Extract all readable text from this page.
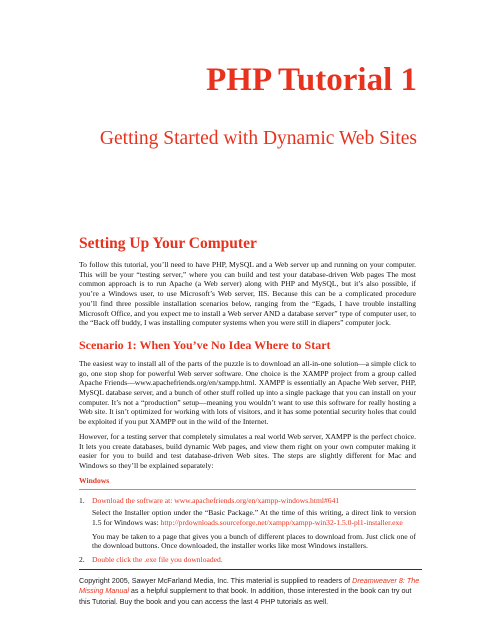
PHP Tutorial 1
Getting Started with Dynamic Web Sites
Setting Up Your Computer

To follow this tutorial, you’ll need to have PHP, MySQL and a Web server up and running on your computer. This will be your “testing server,” where you can build and test your database-driven Web pages The most common approach is to run Apache (a Web server) along with PHP and MySQL, but it’s also possible, if you’re a Windows user, to use Microsoft’s Web server, IIS. Because this can be a complicated procedure you’ll find three possible installation scenarios below, ranging from the “Egads, I have trouble installing Microsoft Office, and you expect me to install a Web server AND a database server” type of computer user, to the “Back off buddy, I was installing computer systems when you were still in diapers” computer jock.

Scenario 1: When You’ve No Idea Where to Start

The easiest way to install all of the parts of the puzzle is to download an all-in-one solution—a simple click to go, one stop shop for powerful Web server software. One choice is the XAMPP project from a group called Apache Friends—www.apachefriends.org/en/xampp.html. XAMPP is essentially an Apache Web server, PHP, MySQL database server, and a bunch of other stuff rolled up into a single package that you can install on your computer. It’s not a “production” setup—meaning you wouldn’t want to use this software for really hosting a Web site. It isn’t optimized for working with lots of visitors, and it has some potential security holes that could be exploited if you put XAMPP out in the wild of the Internet.

However, for a testing server that completely simulates a real world Web server, XAMPP is the perfect choice. It lets you create databases, build dynamic Web pages, and view them right on your own computer making it easier for you to build and test database-driven Web sites. The steps are slightly different for Mac and Windows so they’ll be explained separately:

Windows
1. Download the software at: www.apachefriends.org/en/xampp-windows.html#641
Select the Installer option under the “Basic Package.” At the time of this writing, a direct link to version 1.5 for Windows was: http://prdownloads.sourceforge.net/xampp/xampp-win32-1.5.0-pl1-installer.exe
You may be taken to a page that gives you a bunch of different places to download from. Just click one of the download buttons. Once downloaded, the installer works like most Windows installers.
2. Double click the .exe file you downloaded.
Copyright 2005, Sawyer McFarland Media, Inc. This material is supplied to readers of Dreamweaver 8: The Missing Manual as a helpful supplement to that book. In addition, those interested in the book can try out this Tutorial. Buy the book and you can access the last 4 PHP tutorials as well.
